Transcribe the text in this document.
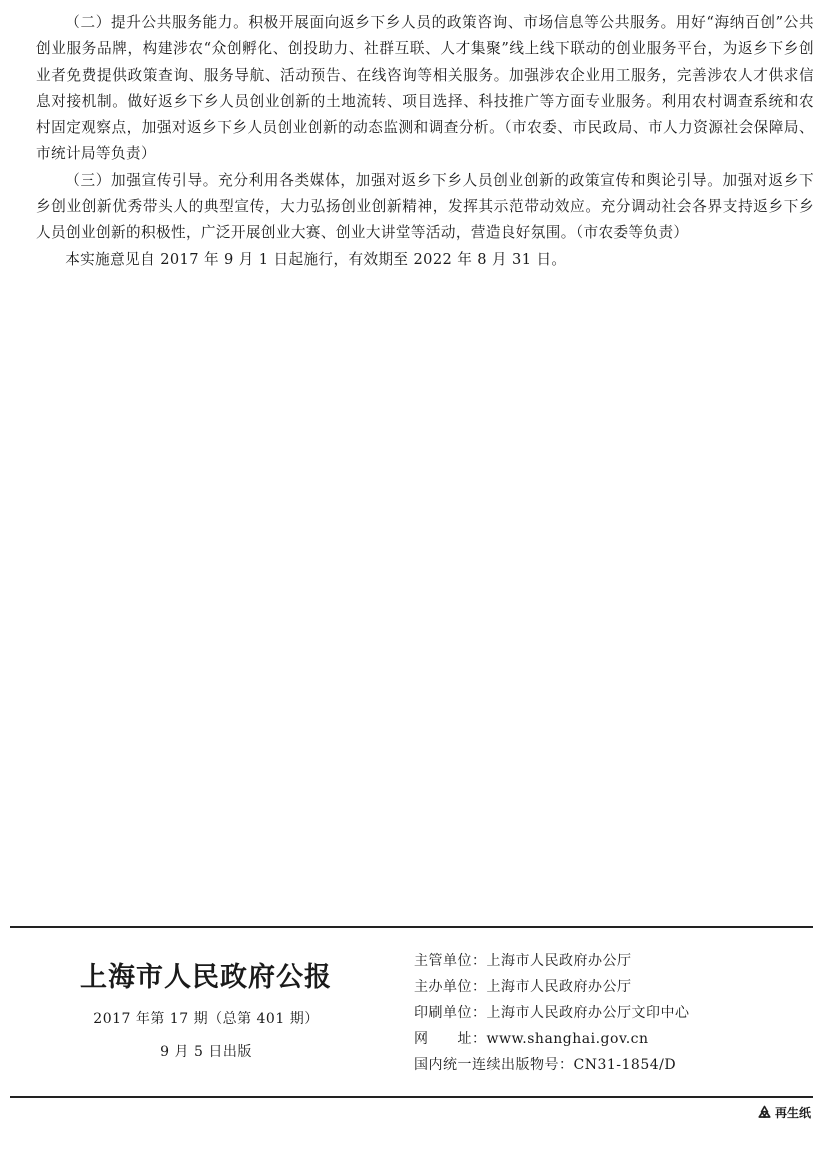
（二）提升公共服务能力。积极开展面向返乡下乡人员的政策咨询、市场信息等公共服务。用好“海纳百创”公共创业服务品牌，构建涉农“众创孵化、创投助力、社群互联、人才集聚”线上线下联动的创业服务平台，为返乡下乡创业者免费提供政策查询、服务导航、活动预告、在线咨询等相关服务。加强涉农企业用工服务，完善涉农人才供求信息对接机制。做好返乡下乡人员创业创新的土地流转、项目选择、科技推广等方面专业服务。利用农村调查系统和农村固定观察点，加强对返乡下乡人员创业创新的动态监测和调查分析。（市农委、市民政局、市人力资源社会保障局、市统计局等负责）

（三）加强宣传引导。充分利用各类媒体，加强对返乡下乡人员创业创新的政策宣传和舆论引导。加强对返乡下乡创业创新优秀带头人的典型宣传，大力弘扬创业创新精神，发挥其示范带动效应。充分调动社会各界支持返乡下乡人员创业创新的积极性，广泛开展创业大赛、创业大讲堂等活动，营造良好氛围。（市农委等负责）

本实施意见自 2017 年 9 月 1 日起施行，有效期至 2022 年 8 月 31 日。

上海市人民政府公报
2017 年第 17 期（总第 401 期）
9 月 5 日出版
主管单位： 上海市人民政府办公厅
主办单位： 上海市人民政府办公厅
印刷单位： 上海市人民政府办公厅文印中心
网　　址： www.shanghai.gov.cn
国内统一连续出版物号： CN31-1854/D
再生纸
